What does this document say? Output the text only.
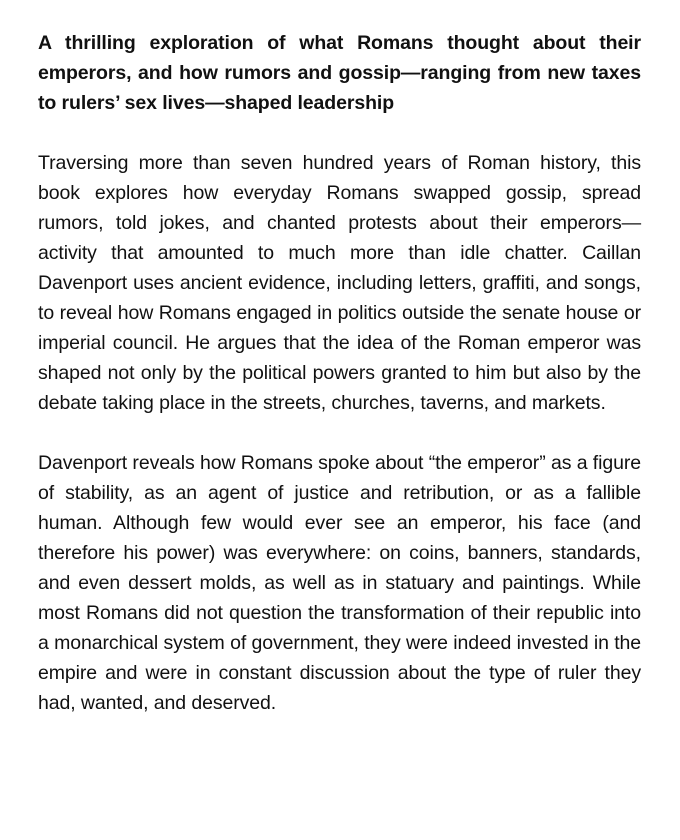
A thrilling exploration of what Romans thought about their emperors, and how rumors and gossip—ranging from new taxes to rulers’ sex lives—shaped leadership

Traversing more than seven hundred years of Roman history, this book explores how everyday Romans swapped gossip, spread rumors, told jokes, and chanted protests about their emperors—activity that amounted to much more than idle chatter. Caillan Davenport uses ancient evidence, including letters, graffiti, and songs, to reveal how Romans engaged in politics outside the senate house or imperial council. He argues that the idea of the Roman emperor was shaped not only by the political powers granted to him but also by the debate taking place in the streets, churches, taverns, and markets.

Davenport reveals how Romans spoke about “the emperor” as a figure of stability, as an agent of justice and retribution, or as a fallible human. Although few would ever see an emperor, his face (and therefore his power) was everywhere: on coins, banners, standards, and even dessert molds, as well as in statuary and paintings. While most Romans did not question the transformation of their republic into a monarchical system of government, they were indeed invested in the empire and were in constant discussion about the type of ruler they had, wanted, and deserved.
